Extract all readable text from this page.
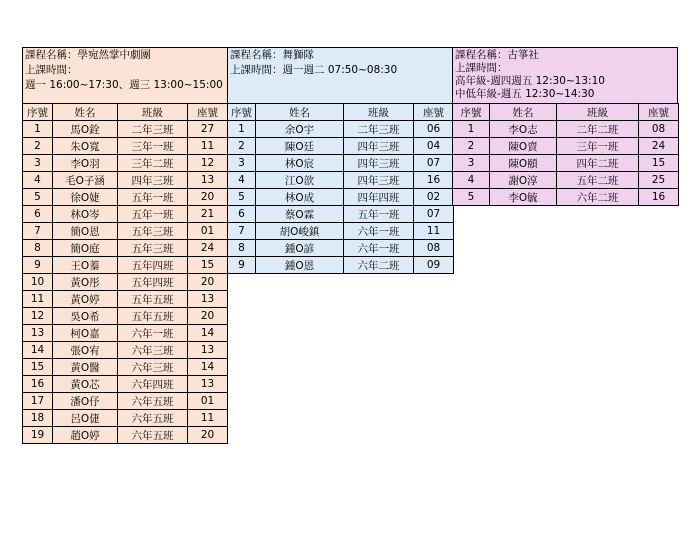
課程名稱：學宛然掌中劇團
上課時間：
週一 16:00~17:30、週三 13:00~15:00
序號	姓名	班級	座號
1	馬O銓	二年三班	27
2	朱O寬	三年一班	11
3	李O羽	三年二班	12
4	毛O子涵	四年三班	13
5	徐O婕	五年一班	20
6	林O岑	五年一班	21
7	簡O恩	五年三班	01
8	簡O庭	五年三班	24
9	王O蓁	五年四班	15
10	黃O彤	五年四班	20
11	黃O婷	五年五班	13
12	吳O希	五年五班	20
13	柯O嘉	六年一班	14
14	張O宥	六年三班	13
15	黃O醫	六年三班	14
16	黃O芯	六年四班	13
17	潘O伃	六年五班	01
18	呂O倢	六年五班	11
19	趙O婷	六年五班	20
課程名稱：舞獅隊
上課時間：週一週二 07:50~08:30
序號	姓名	班級	座號
1	余O宇	二年三班	06
2	陳O廷	四年三班	04
3	林O宸	四年三班	07
4	江O歆	四年三班	16
5	林O成	四年四班	02
6	蔡O霖	五年一班	07
7	胡O峻鎮	六年一班	11
8	鍾O諺	六年一班	08
9	鍾O恩	六年二班	09
課程名稱：古箏社
上課時間：
高年級-週四週五 12:30~13:10
中低年級-週五 12:30~14:30
序號	姓名	班級	座號
1	李O志	二年二班	08
2	陳O賣	三年一班	24
3	陳O頤	四年二班	15
4	謝O淳	五年二班	25
5	李O毓	六年二班	16
